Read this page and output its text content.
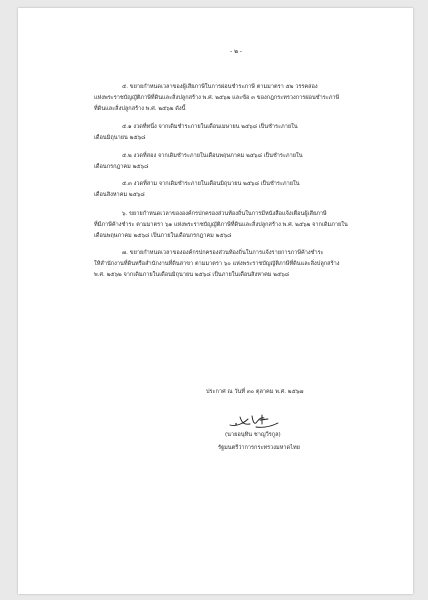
- ๒ -
๕. ขยายกำหนดเวลาของผู้เสียภาษีในการผ่อนชำระภาษี ตามมาตรา ๕๒ วรรคสอง
แห่งพระราชบัญญัติภาษีที่ดินและสิ่งปลูกสร้าง พ.ศ. ๒๕๖๒ และข้อ ๓ ของกฎกระทรวงการผ่อนชำระภาษี
ที่ดินและสิ่งปลูกสร้าง พ.ศ. ๒๕๖๒ ดังนี้
๕.๑ งวดที่หนึ่ง จากเดิมชำระภายในเดือนเมษายน ๒๕๖๘ เป็นชำระภายใน
เดือนมิถุนายน ๒๕๖๘
๕.๒ งวดที่สอง จากเดิมชำระภายในเดือนพฤษภาคม ๒๕๖๘ เป็นชำระภายใน
เดือนกรกฎาคม ๒๕๖๘
๕.๓ งวดที่สาม จากเดิมชำระภายในเดือนมิถุนายน ๒๕๖๘ เป็นชำระภายใน
เดือนสิงหาคม ๒๕๖๘
๖. ขยายกำหนดเวลาขององค์กรปกครองส่วนท้องถิ่นในการมีหนังสือแจ้งเตือนผู้เสียภาษี
ที่มีภาษีค้างชำระ ตามมาตรา ๖๑ แห่งพระราชบัญญัติภาษีที่ดินและสิ่งปลูกสร้าง พ.ศ. ๒๕๖๒ จากเดิมภายใน
เดือนพฤษภาคม ๒๕๖๘ เป็นภายในเดือนกรกฎาคม ๒๕๖๘
๗. ขยายกำหนดเวลาขององค์กรปกครองส่วนท้องถิ่นในการแจ้งรายการภาษีค้างชำระ
ให้สำนักงานที่ดินหรือสำนักงานที่ดินสาขา ตามมาตรา ๖๐ แห่งพระราชบัญญัติภาษีที่ดินและสิ่งปลูกสร้าง
พ.ศ. ๒๕๖๒ จากเดิมภายในเดือนมิถุนายน ๒๕๖๘ เป็นภายในเดือนสิงหาคม ๒๕๖๘
ประกาศ ณ วันที่ ๓๐ ตุลาคม พ.ศ. ๒๕๖๗
(นายอนุทิน ชาญวีรกูล)
รัฐมนตรีว่าการกระทรวงมหาดไทย
